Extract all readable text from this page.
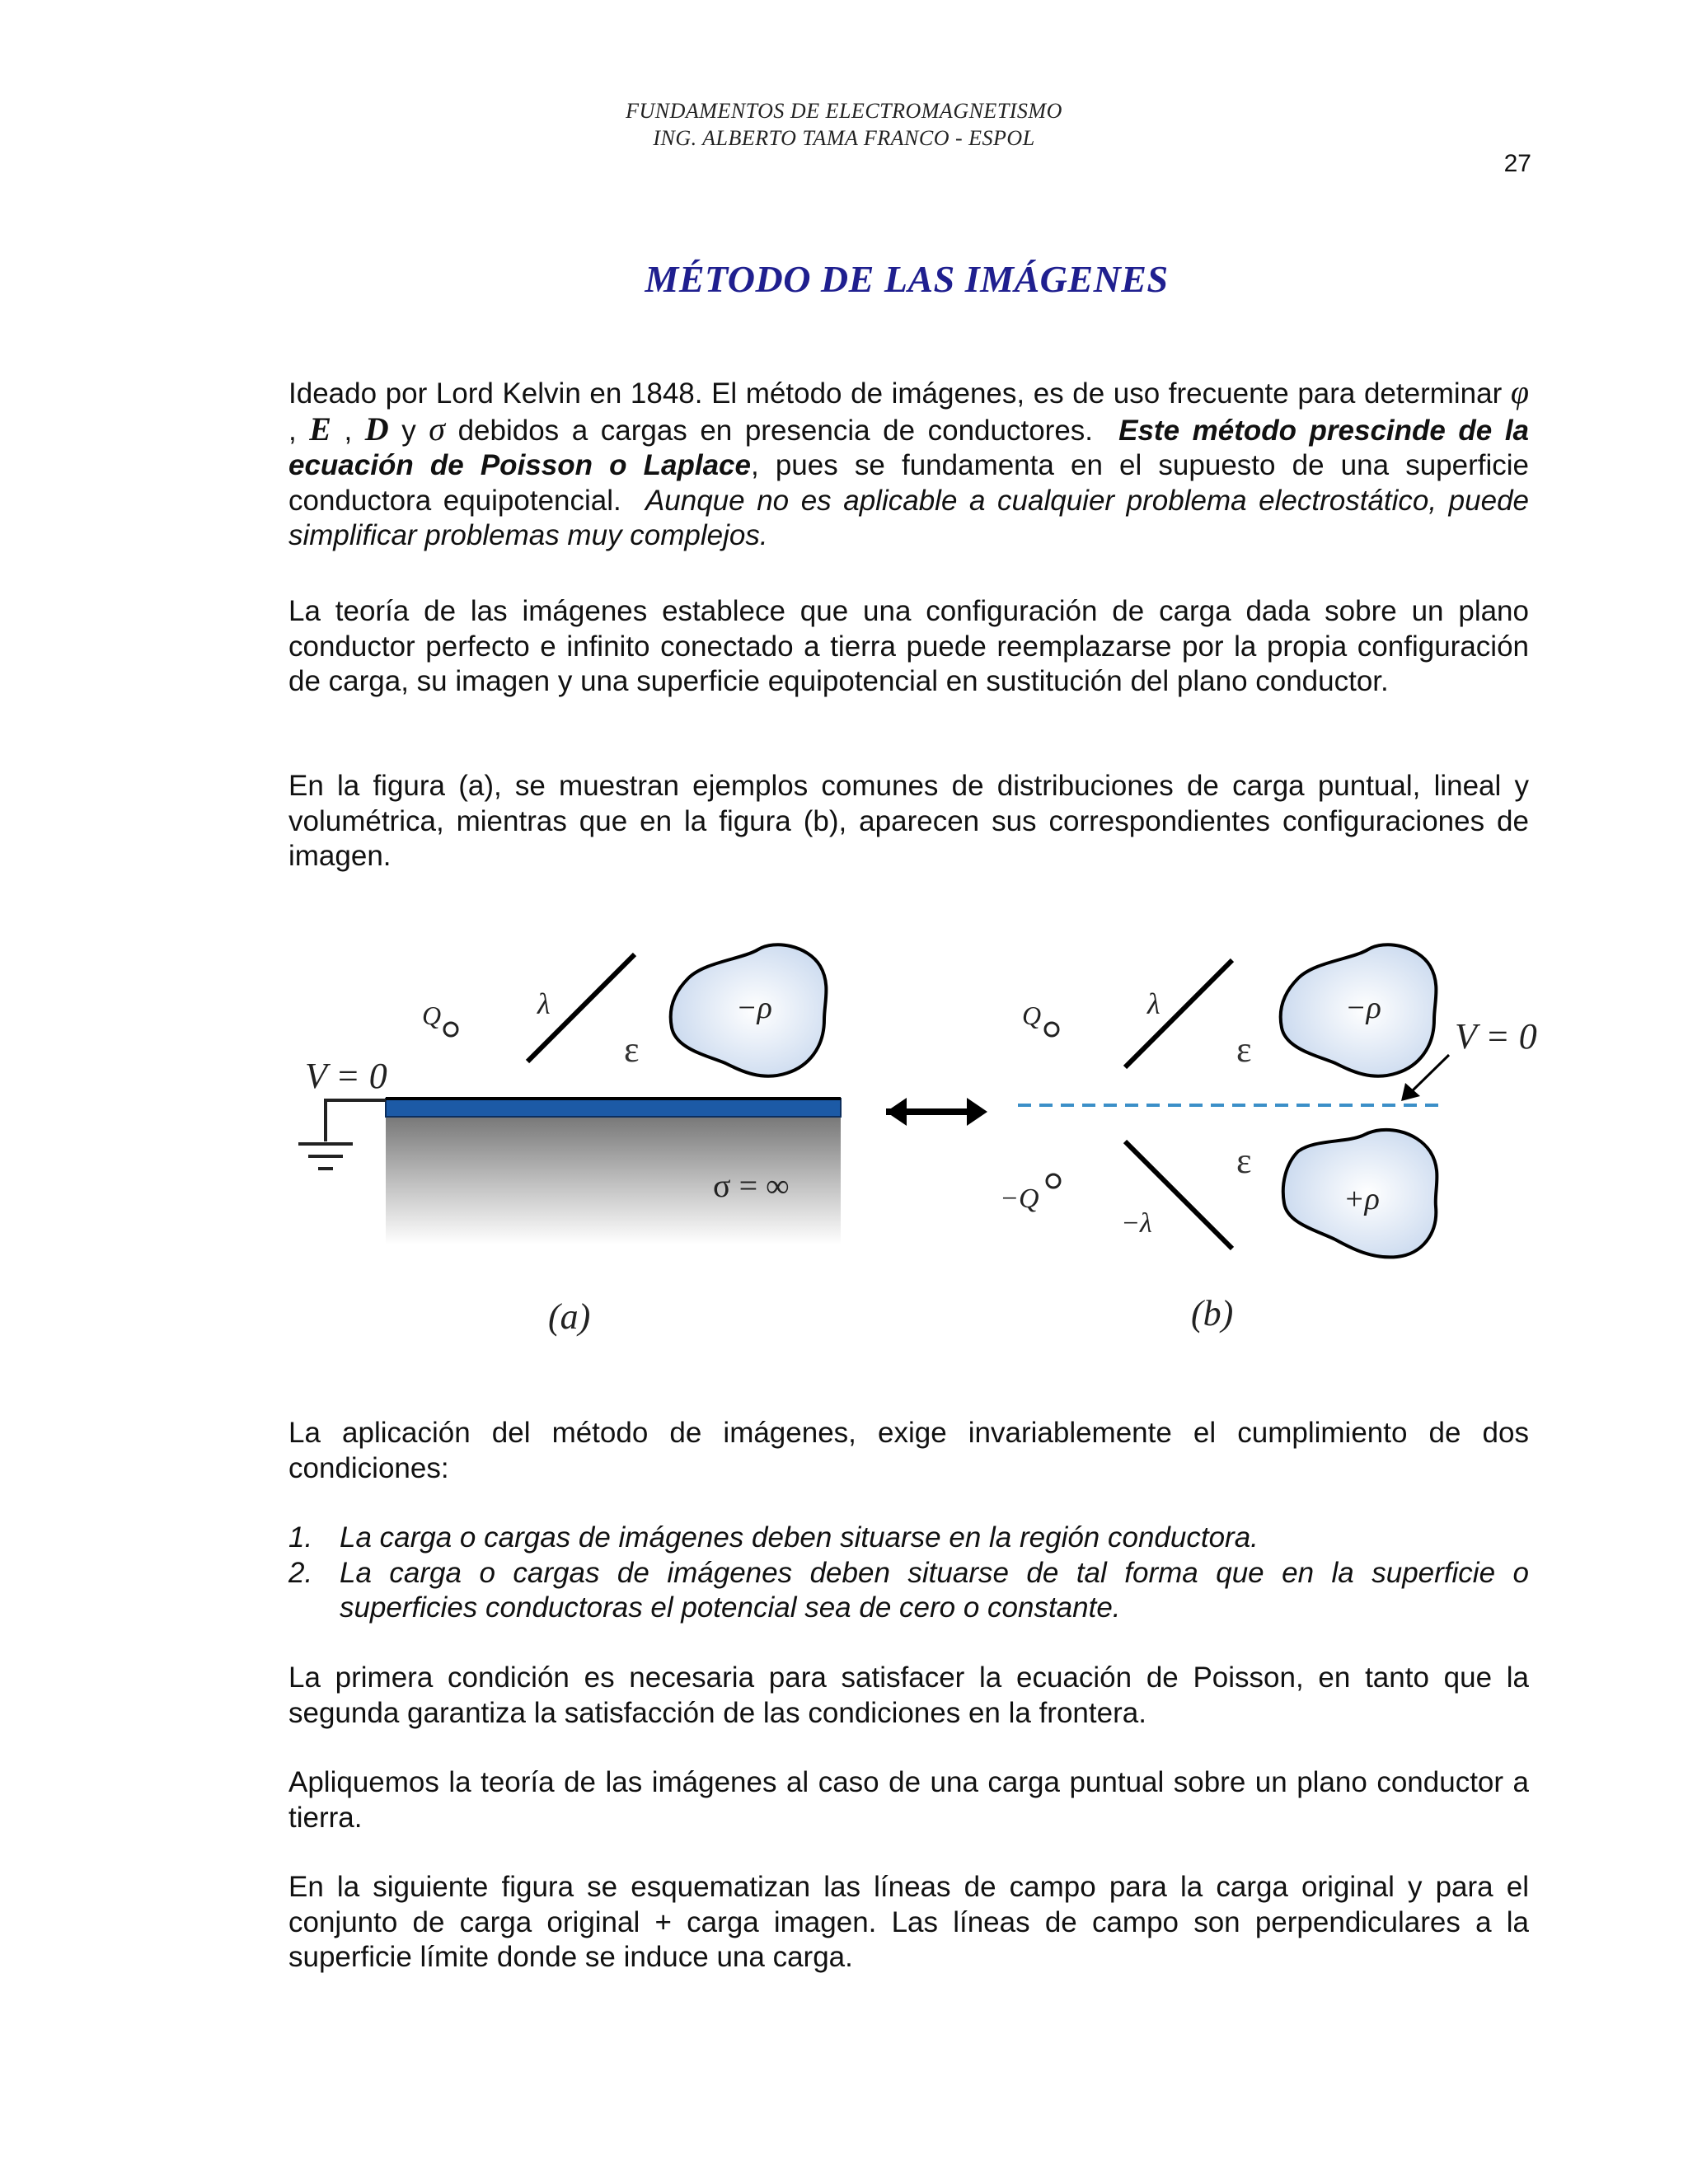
FUNDAMENTOS DE ELECTROMAGNETISMO
ING. ALBERTO TAMA FRANCO - ESPOL
27
MÉTODO DE LAS IMÁGENES

Ideado por Lord Kelvin en 1848. El método de imágenes, es de uso frecuente para determinar φ , E , D y σ debidos a cargas en presencia de conductores. Este método prescinde de la ecuación de Poisson o Laplace, pues se fundamenta en el supuesto de una superficie conductora equipotencial. Aunque no es aplicable a cualquier problema electrostático, puede simplificar problemas muy complejos.

La teoría de las imágenes establece que una configuración de carga dada sobre un plano conductor perfecto e infinito conectado a tierra puede reemplazarse por la propia configuración de carga, su imagen y una superficie equipotencial en sustitución del plano conductor.

En la figura (a), se muestran ejemplos comunes de distribuciones de carga puntual, lineal y volumétrica, mientras que en la figura (b), aparecen sus correspondientes configuraciones de imagen.

V = 0
Q	λ
ε
−ρ
σ = ∞
(a)
Q	λ
ε
−ρ
V = 0
ε
−Q
−λ
+ρ
(b)

La aplicación del método de imágenes, exige invariablemente el cumplimiento de dos condiciones:

1. La carga o cargas de imágenes deben situarse en la región conductora.
2. La carga o cargas de imágenes deben situarse de tal forma que en la superficie o superficies conductoras el potencial sea de cero o constante.

La primera condición es necesaria para satisfacer la ecuación de Poisson, en tanto que la segunda garantiza la satisfacción de las condiciones en la frontera.

Apliquemos la teoría de las imágenes al caso de una carga puntual sobre un plano conductor a tierra.

En la siguiente figura se esquematizan las líneas de campo para la carga original y para el conjunto de carga original + carga imagen. Las líneas de campo son perpendiculares a la superficie límite donde se induce una carga.
